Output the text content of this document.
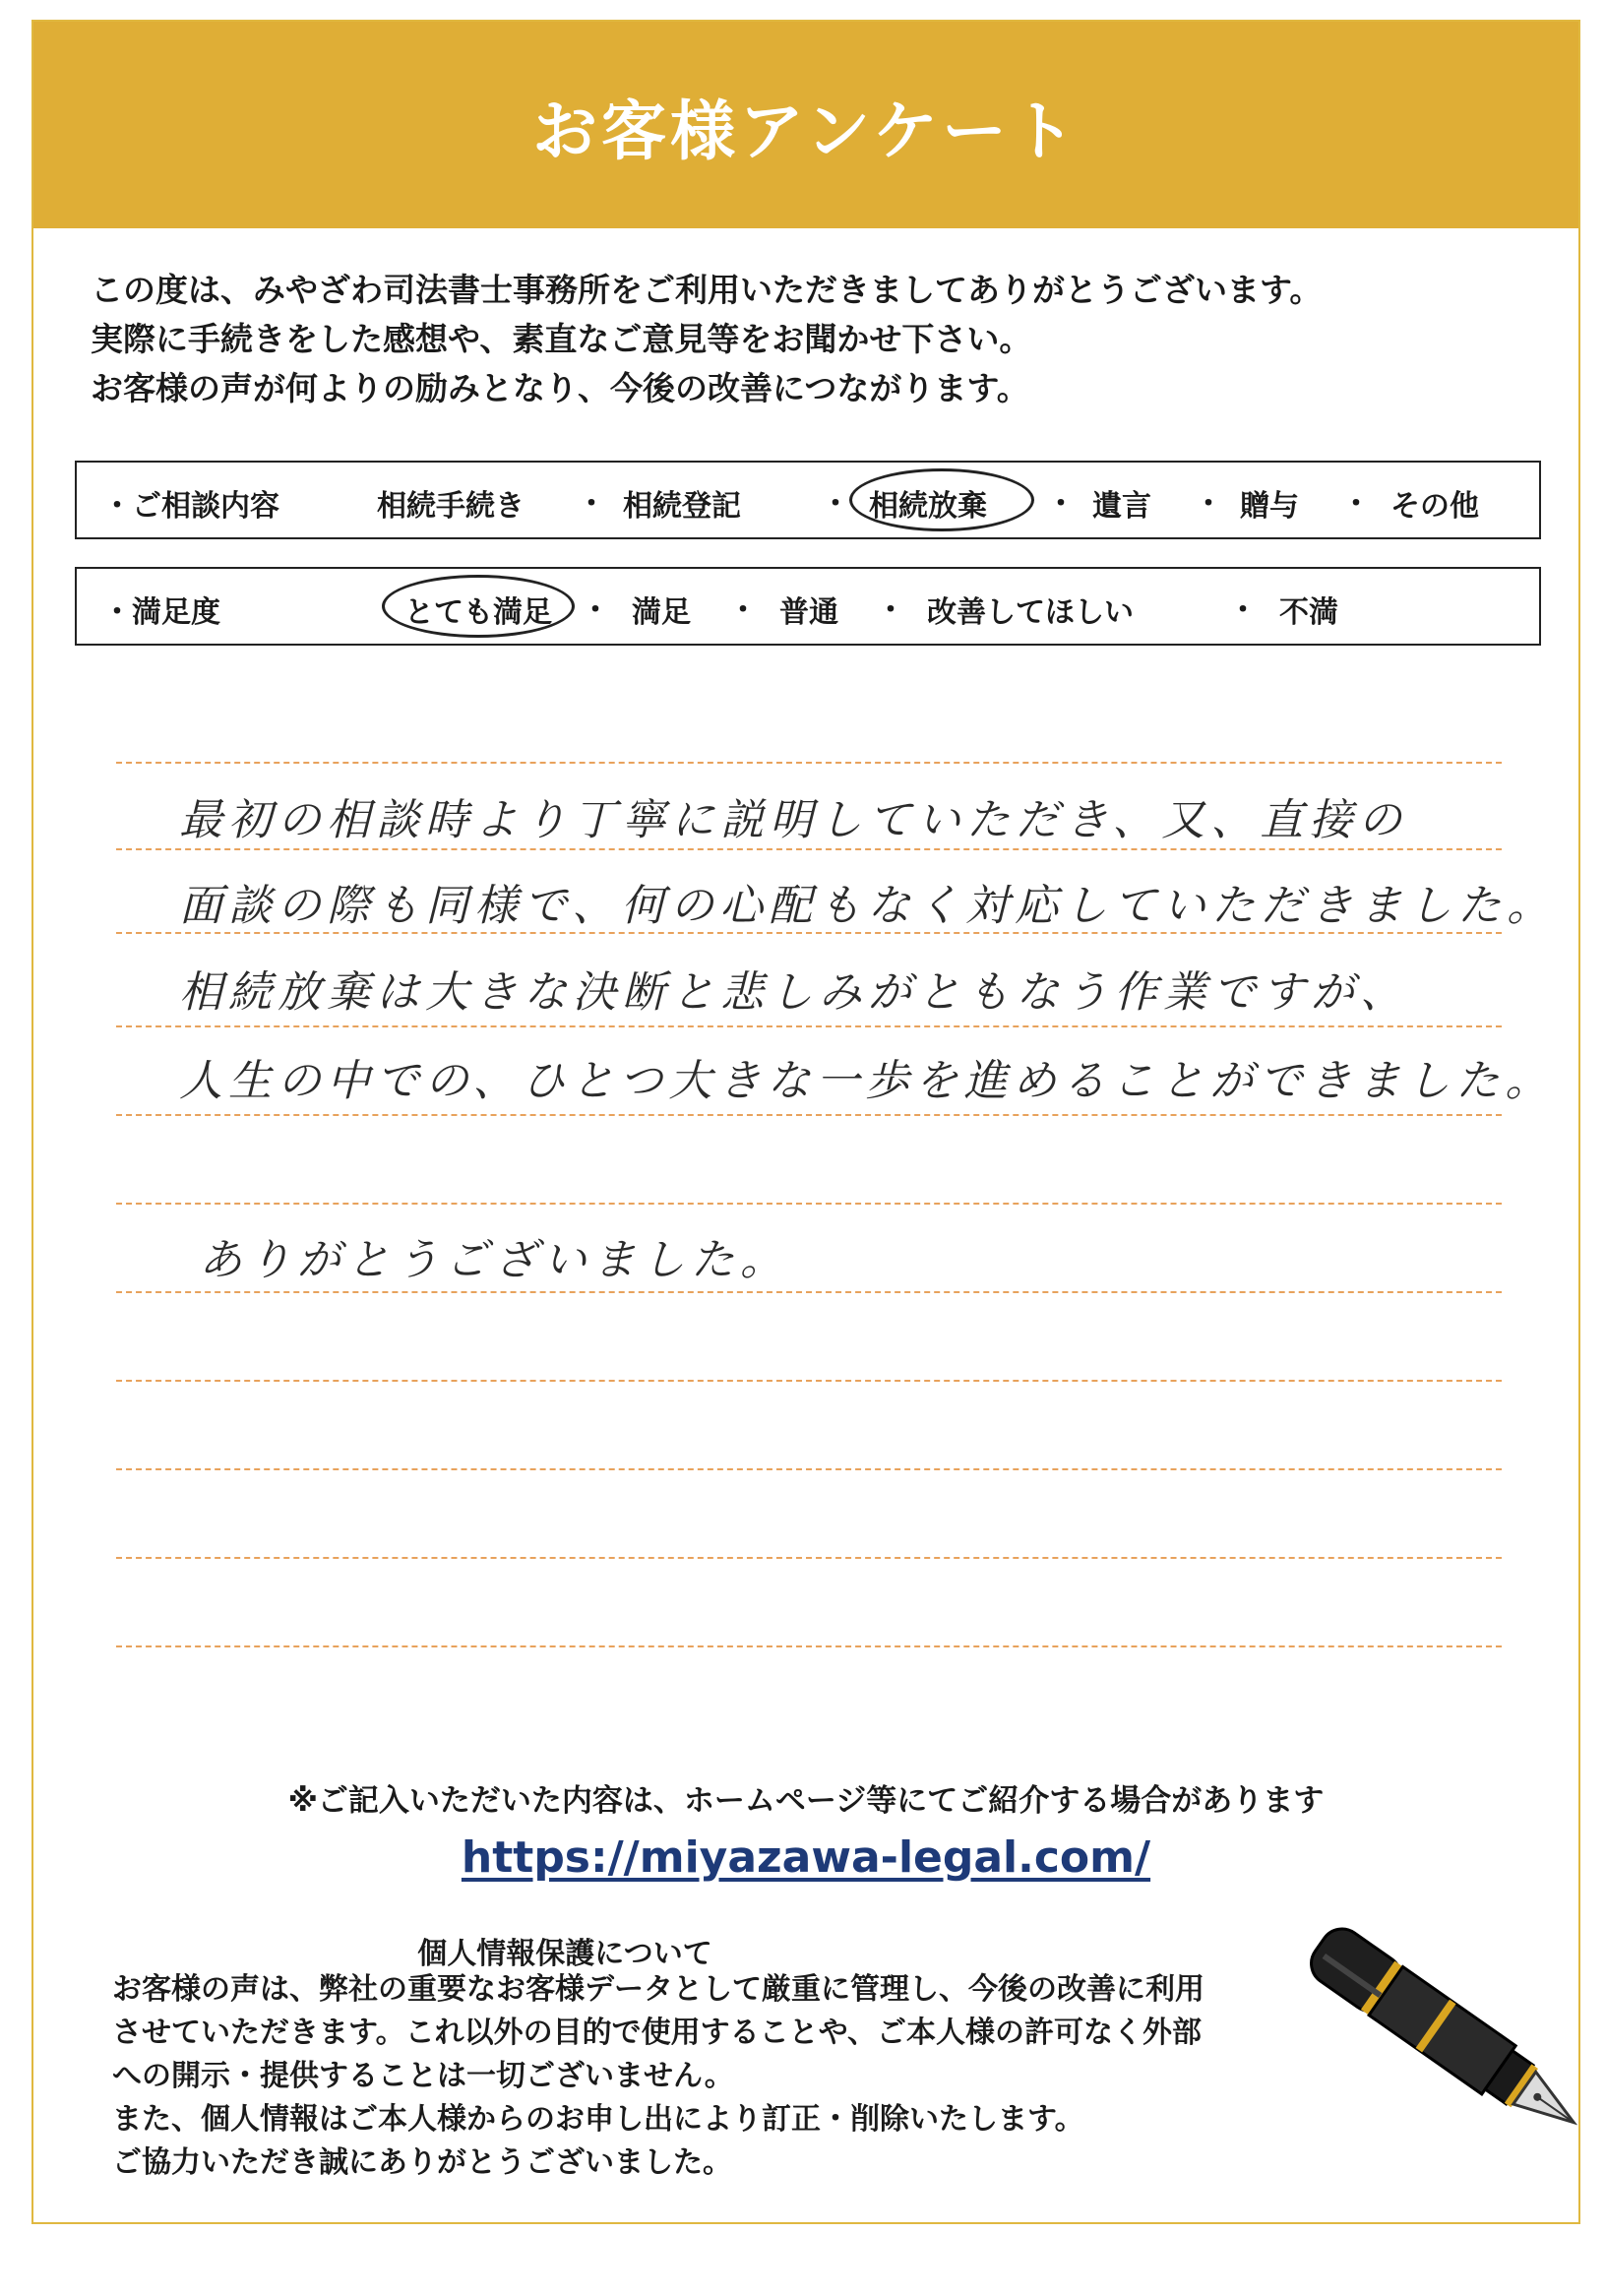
お客様アンケート
この度は、みやざわ司法書士事務所をご利用いただきましてありがとうございます。
実際に手続きをした感想や、素直なご意見等をお聞かせ下さい。
お客様の声が何よりの励みとなり、今後の改善につながります。
・ご相談内容	相続手続き ・ 相続登記	・ 相続放棄 ・ 遺言 ・ 贈与 ・ その他
・満足度	とても満足 ・ 満足 ・ 普通 ・ 改善してほしい	・ 不満
最初の相談時より丁寧に説明していただき、又、直接の
面談の際も同様で、何の心配もなく対応していただきました。
相続放棄は大きな決断と悲しみがともなう作業ですが、
人生の中での、ひとつ大きな一歩を進めることができました。
ありがとうございました。
※ご記入いただいた内容は、ホームページ等にてご紹介する場合があります
https://miyazawa-legal.com/
個人情報保護について
お客様の声は、弊社の重要なお客様データとして厳重に管理し、今後の改善に利用
させていただきます。これ以外の目的で使用することや、ご本人様の許可なく外部
への開示・提供することは一切ございません。
また、個人情報はご本人様からのお申し出により訂正・削除いたします。
ご協力いただき誠にありがとうございました。
